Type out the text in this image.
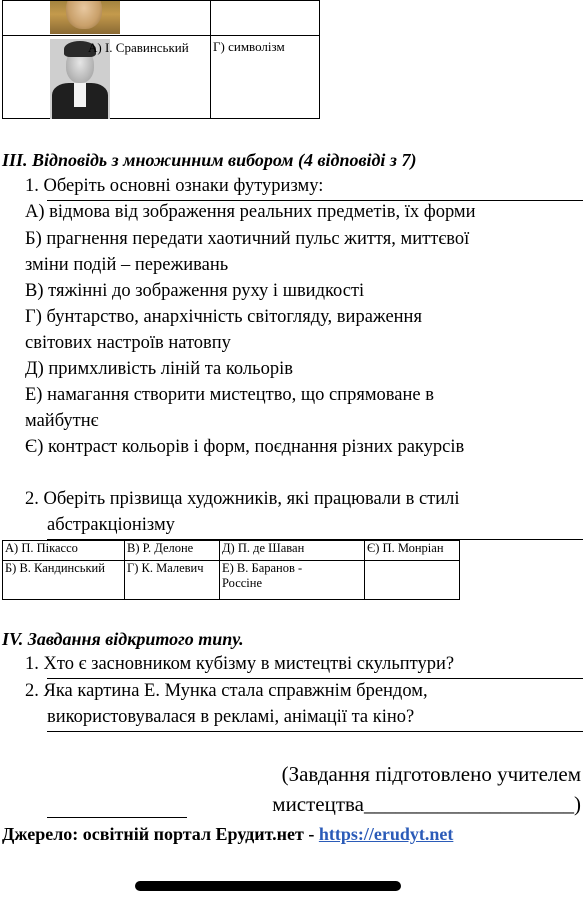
А) І. Сравинський Г) символізм
ІІІ. Відповідь з множинним вибором (4 відповіді з 7)
1. Оберіть основні ознаки футуризму:
А) відмова від зображення реальних предметів, їх форми
Б) прагнення передати хаотичний пульс життя, миттєвої
зміни подій – переживань
В) тяжінні до зображення руху і швидкості
Г) бунтарство, анархічність світогляду, вираження
світових настроїв натовпу
Д) примхливість ліній та кольорів
Е) намагання створити мистецтво, що спрямоване в
майбутнє
Є) контраст кольорів і форм, поєднання різних ракурсів
2. Оберіть прізвища художників, які працювали в стилі
абстракціонізму
А) П. Пікассо	В) Р. Делоне	Д) П. де Шаван	Є) П. Монріан
Б) В. Кандинський	Г) К. Малевич	Е) В. Баранов -
Россіне	
ІV. Завдання відкритого типу.
1. Хто є засновником кубізму в мистецтві скульптури?
2. Яка картина Е. Мунка стала справжнім брендом,
використовувалася в рекламі, анімації та кіно?
(Завдання підготовлено учителем
мистецтва____________________)
Джерело: освітній портал Ерудит.нет - https://erudyt.net
